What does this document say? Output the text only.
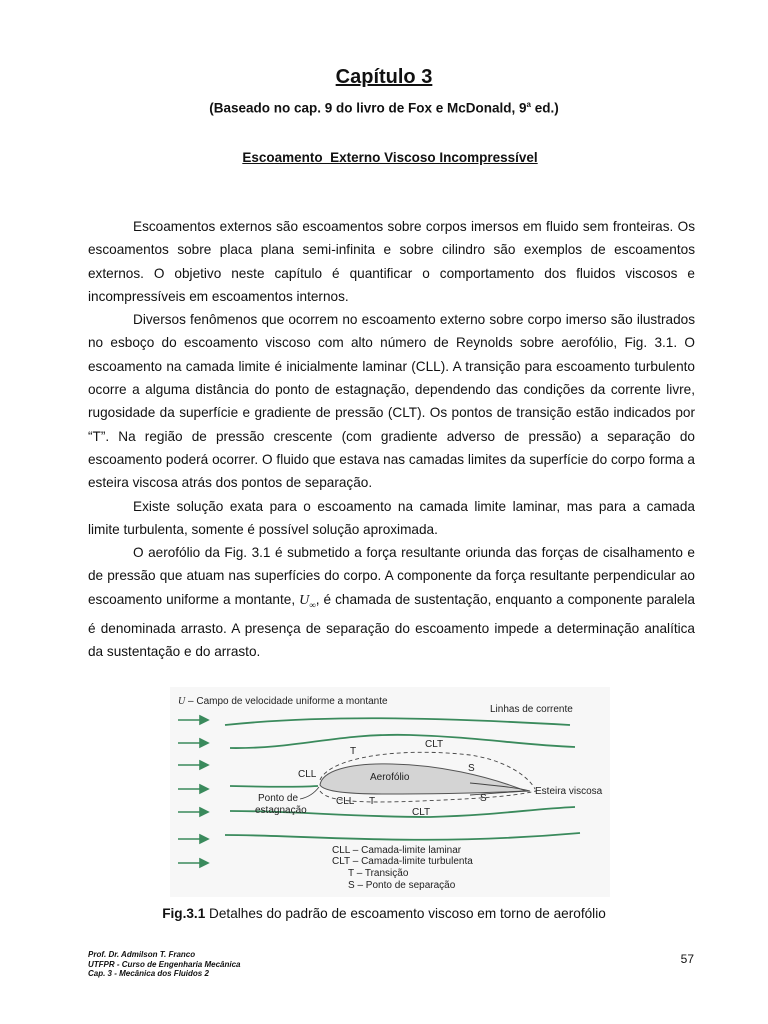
Capítulo 3
(Baseado no cap. 9 do livro de Fox e McDonald, 9$^a$ ed.)
Escoamento  Externo Viscoso Incompressível

Escoamentos externos são escoamentos sobre corpos imersos em fluido sem fronteiras. Os escoamentos sobre placa plana semi-infinita e sobre cilindro são exemplos de escoamentos externos. O objetivo neste capítulo é quantificar o comportamento dos fluidos viscosos e incompressíveis em escoamentos internos.

Diversos fenômenos que ocorrem no escoamento externo sobre corpo imerso são ilustrados no esboço do escoamento viscoso com alto número de Reynolds sobre aerofólio, Fig. 3.1. O escoamento na camada limite é inicialmente laminar (CLL). A transição para escoamento turbulento ocorre a alguma distância do ponto de estagnação, dependendo das condições da corrente livre, rugosidade da superfície e gradiente de pressão (CLT). Os pontos de transição estão indicados por “T”. Na região de pressão crescente (com gradiente adverso de pressão) a separação do escoamento poderá ocorrer. O fluido que estava nas camadas limites da superfície do corpo forma a esteira viscosa atrás dos pontos de separação.

Existe solução exata para o escoamento na camada limite laminar, mas para a camada limite turbulenta, somente é possível solução aproximada.

O aerofólio da Fig. 3.1 é submetido a força resultante oriunda das forças de cisalhamento e de pressão que atuam nas superfícies do corpo. A componente da força resultante perpendicular ao escoamento uniforme a montante, $U_\infty$, é chamada de sustentação, enquanto a componente paralela é denominada arrasto. A presença de separação do escoamento impede a determinação analítica da sustentação e do arrasto.

U – Campo de velocidade uniforme a montante
T
CLT
CLL	Aerofólio
S
Linhas de corrente
Esteira viscosa
Ponto de
estagnação
CLL T	S
CLT
CLL – Camada-limite laminar
CLT – Camada-limite turbulenta
T – Transição
S – Ponto de separação
Fig.3.1 Detalhes do padrão de escoamento viscoso em torno de aerofólio
Prof. Dr. Admilson T. Franco
UTFPR - Curso de Engenharia Mecânica
Cap. 3 - Mecânica dos Fluidos 2
57
